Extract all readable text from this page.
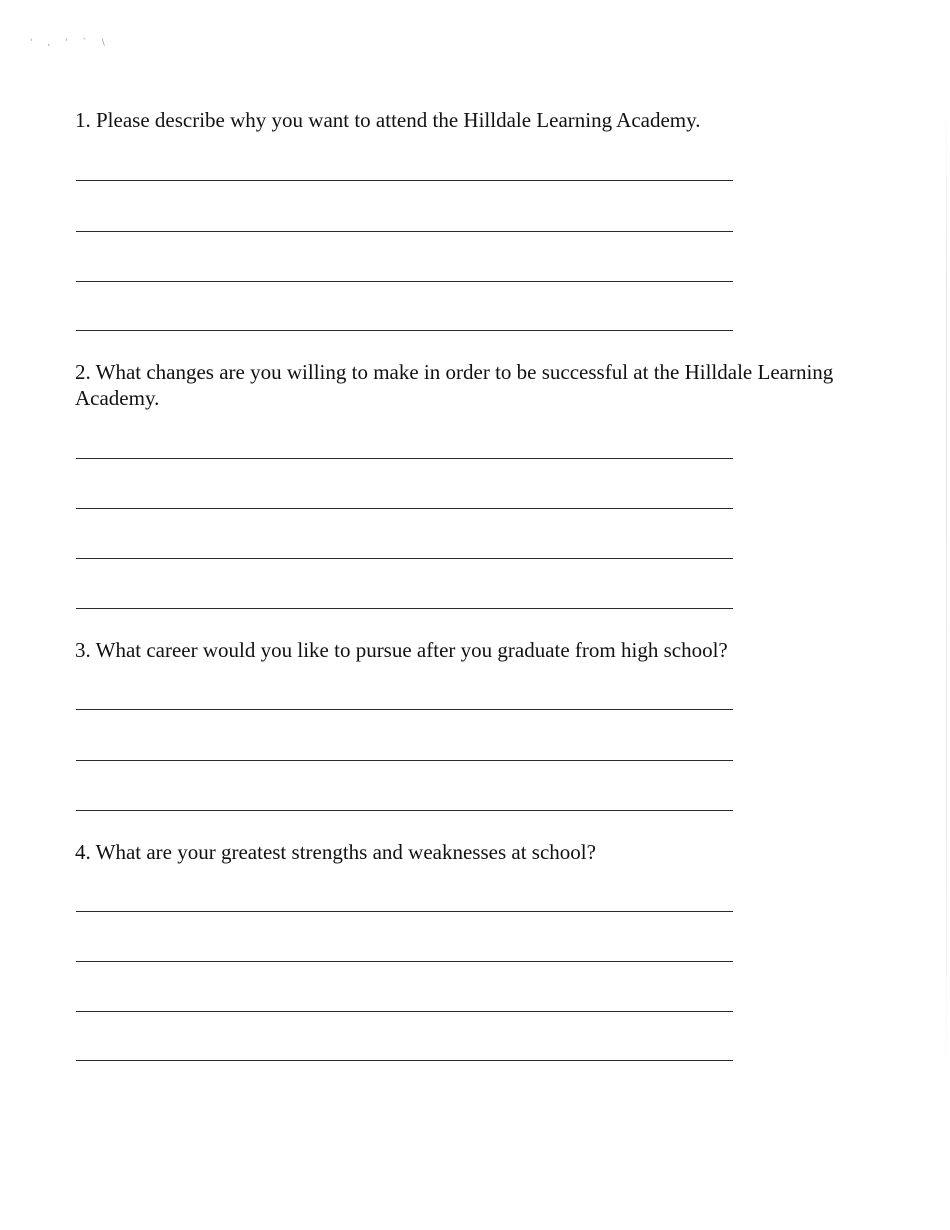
' , ' ` \

1. Please describe why you want to attend the Hilldale Learning Academy.

2. What changes are you willing to make in order to be successful at the Hilldale Learning Academy.

3. What career would you like to pursue after you graduate from high school?

4. What are your greatest strengths and weaknesses at school?
